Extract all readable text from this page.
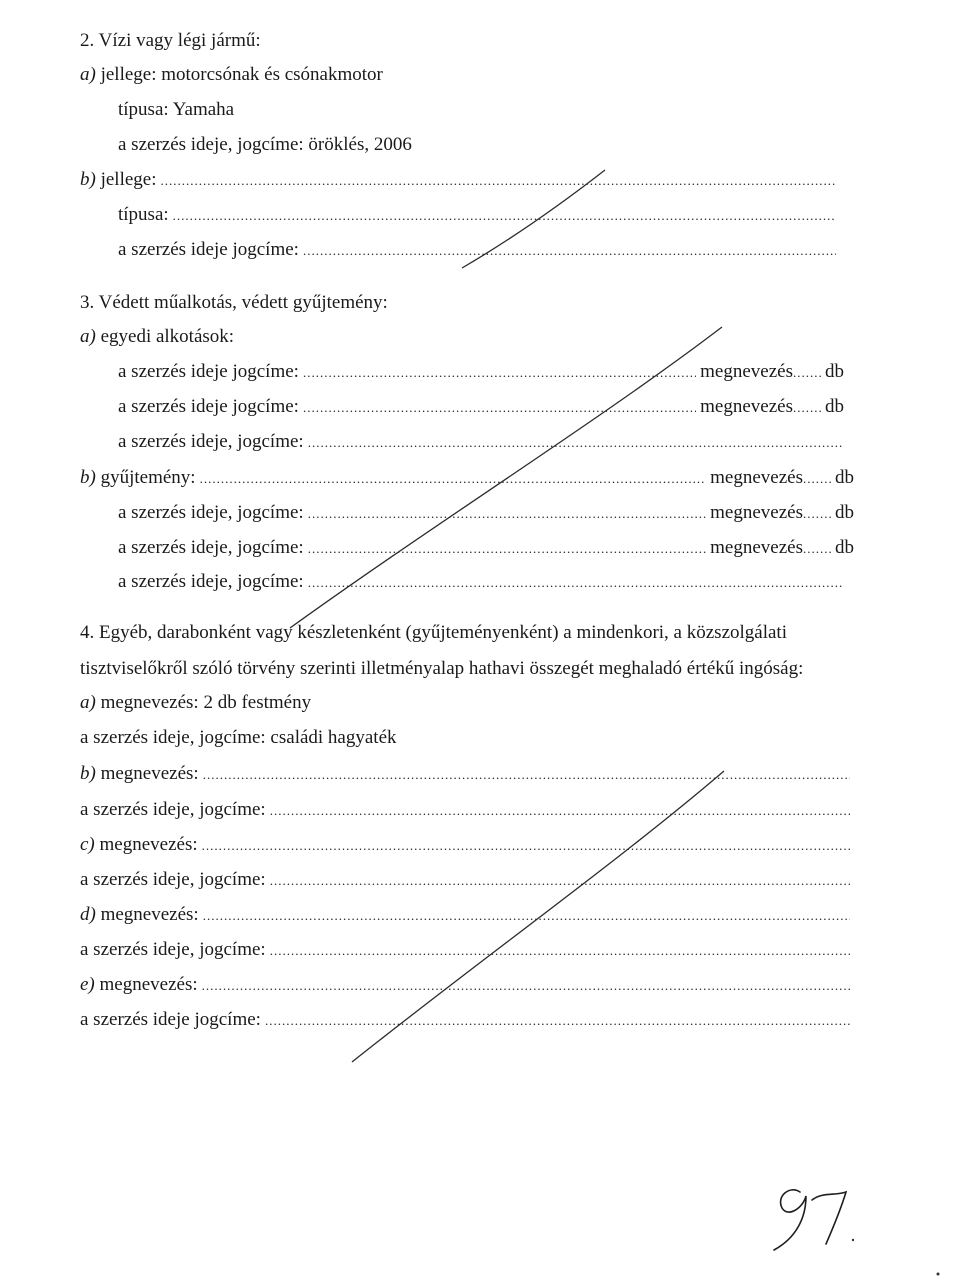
2. Vízi vagy légi jármű:
a)
jellege: motorcsónak és csónakmotor
típusa: Yamaha
a szerzés ideje, jogcíme: öröklés, 2006
b)
jellege:
.....
típusa:
.....
a szerzés ideje jogcíme:
.....
3. Védett műalkotás, védett gyűjtemény:
a)
egyedi alkotások:
a szerzés ideje jogcíme: .....	megnevezés ..... db
a szerzés ideje jogcíme: .....	megnevezés ..... db
a szerzés ideje, jogcíme:
.....
b)
gyűjtemény: .....	megnevezés ..... db
a szerzés ideje, jogcíme: .....	megnevezés ..... db
a szerzés ideje, jogcíme: .....	megnevezés ..... db
a szerzés ideje, jogcíme:
.....
4. Egyéb, darabonként vagy készletenként (gyűjteményenként) a mindenkori, a közszolgálati
tisztviselőkről szóló törvény szerinti illetményalap hathavi összegét meghaladó értékű ingóság:
a)
megnevezés: 2 db festmény
a szerzés ideje, jogcíme: családi hagyaték
b)
megnevezés:
.....
a szerzés ideje, jogcíme:
.....
c)
megnevezés:
.....
a szerzés ideje, jogcíme:
.....
d)
megnevezés:
.....
a szerzés ideje, jogcíme:
.....
e)
megnevezés:
.....
a szerzés ideje jogcíme:
.....
